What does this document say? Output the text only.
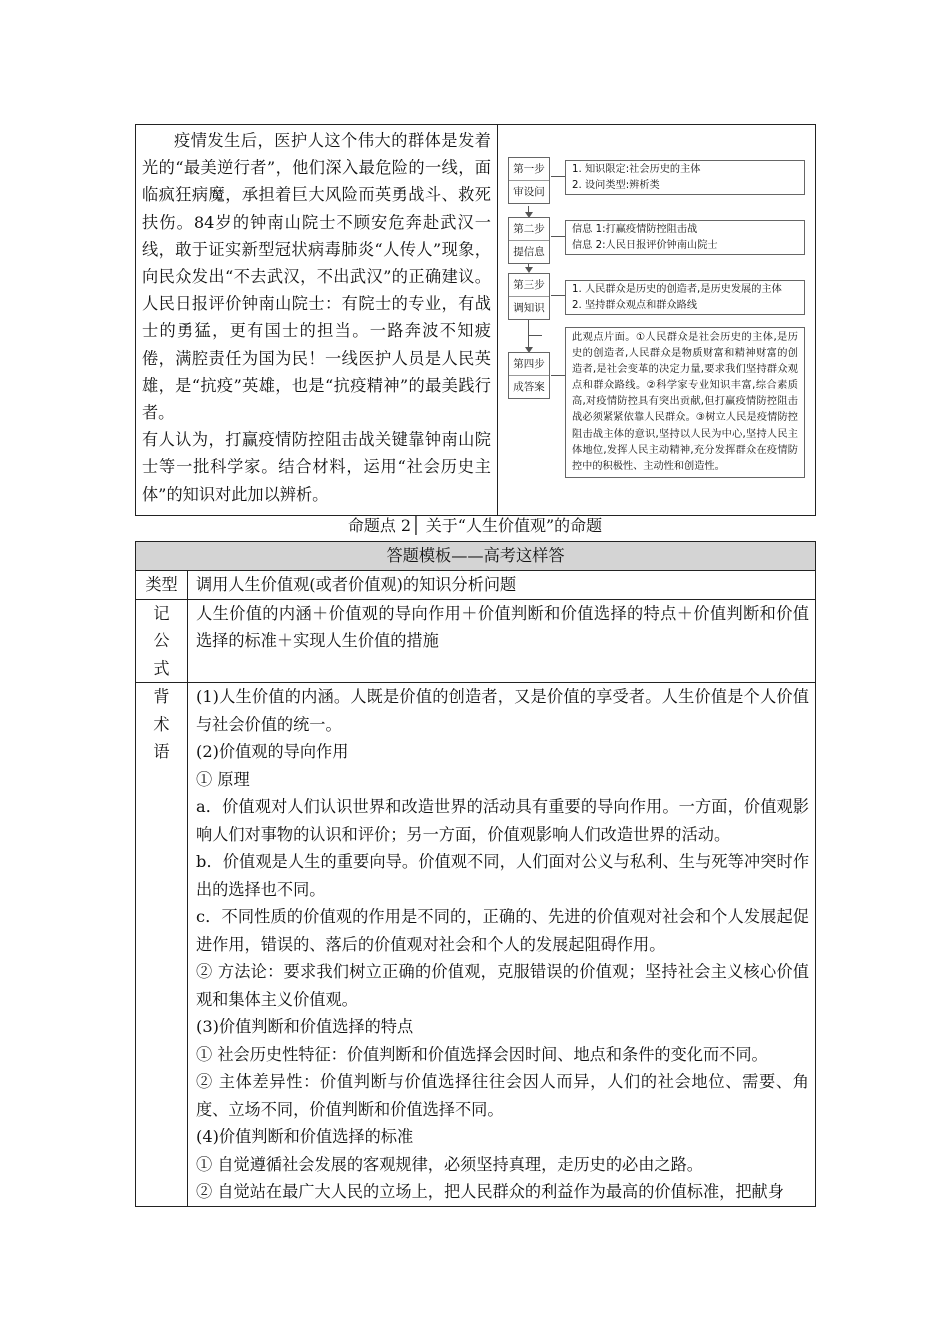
疫情发生后，医护人这个伟大的群体是发着光的“最美逆行者”，他们深入最危险的一线，面临疯狂病魔，承担着巨大风险而英勇战斗、救死扶伤。84岁的钟南山院士不顾安危奔赴武汉一线，敢于证实新型冠状病毒肺炎“人传人”现象，向民众发出“不去武汉，不出武汉”的正确建议。人民日报评价钟南山院士：有院士的专业，有战士的勇猛，更有国士的担当。一路奔波不知疲倦，满腔责任为国为民！一线医护人员是人民英雄，是“抗疫”英雄，也是“抗疫精神”的最美践行者。

有人认为，打赢疫情防控阻击战关键靠钟南山院士等一批科学家。结合材料，运用“社会历史主体”的知识对此加以辨析。

第一步
审设问
1. 知识限定:社会历史的主体
2. 设问类型:辨析类
第二步
提信息
信息 1:打赢疫情防控阻击战
信息 2:人民日报评价钟南山院士
第三步
调知识
1. 人民群众是历史的创造者,是历史发展的主体
2. 坚持群众观点和群众路线
第四步
成答案
此观点片面。①人民群众是社会历史的主体,是历史的创造者,人民群众是物质财富和精神财富的创造者,是社会变革的决定力量,要求我们坚持群众观点和群众路线。②科学家专业知识丰富,综合素质高,对疫情防控具有突出贡献,但打赢疫情防控阻击战必须紧紧依靠人民群众。③树立人民是疫情防控阻击战主体的意识,坚持以人民为中心,坚持人民主体地位,发挥人民主动精神,充分发挥群众在疫情防控中的积极性、主动性和创造性。
命题点 2│ 关于“人生价值观”的命题
答题模板——高考这样答
类型	调用人生价值观(或者价值观)的知识分析问题
记公式
人生价值的内涵＋价值观的导向作用＋价值判断和价值选择的特点＋价值判断和价值选择的标准＋实现人生价值的措施
背术语
(1)人生价值的内涵。人既是价值的创造者，又是价值的享受者。人生价值是个人价值与社会价值的统一。
(2)价值观的导向作用
① 原理
a．价值观对人们认识世界和改造世界的活动具有重要的导向作用。一方面，价值观影响人们对事物的认识和评价；另一方面，价值观影响人们改造世界的活动。
b．价值观是人生的重要向导。价值观不同，人们面对公义与私利、生与死等冲突时作出的选择也不同。
c．不同性质的价值观的作用是不同的，正确的、先进的价值观对社会和个人发展起促进作用，错误的、落后的价值观对社会和个人的发展起阻碍作用。
② 方法论：要求我们树立正确的价值观，克服错误的价值观；坚持社会主义核心价值观和集体主义价值观。
(3)价值判断和价值选择的特点
① 社会历史性特征：价值判断和价值选择会因时间、地点和条件的变化而不同。
② 主体差异性：价值判断与价值选择往往会因人而异，人们的社会地位、需要、角度、立场不同，价值判断和价值选择不同。
(4)价值判断和价值选择的标准
① 自觉遵循社会发展的客观规律，必须坚持真理，走历史的必由之路。
② 自觉站在最广大人民的立场上，把人民群众的利益作为最高的价值标准，把献身
